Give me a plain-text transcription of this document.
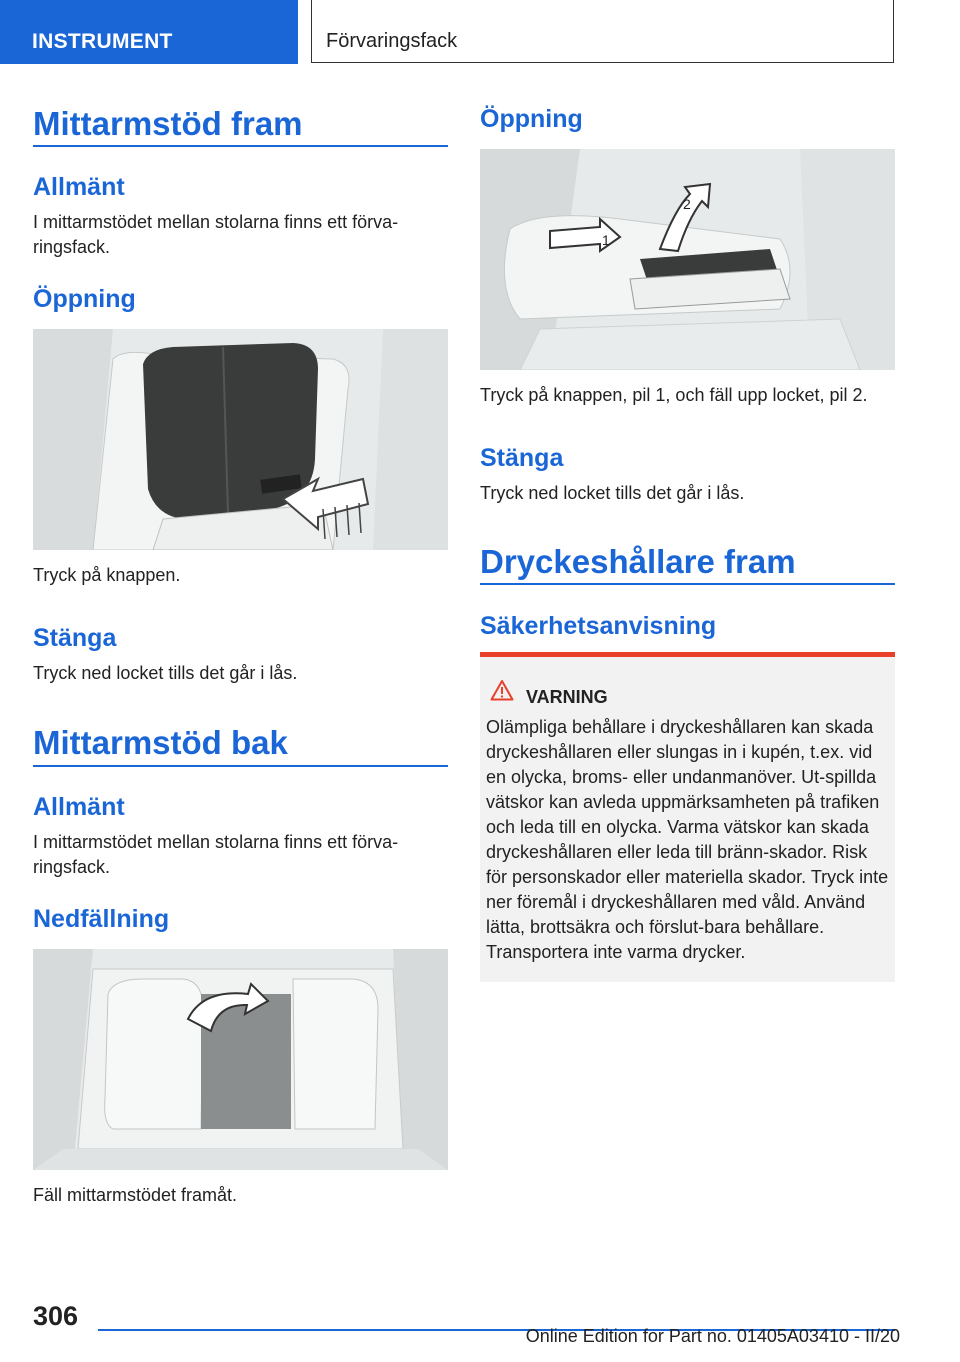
INSTRUMENT	Förvaringsfack
Mittarmstöd fram
Allmänt

I mittarmstödet mellan stolarna finns ett förva-ringsfack.

Öppning

Tryck på knappen.

Stänga

Tryck ned locket tills det går i lås.

Mittarmstöd bak
Allmänt

I mittarmstödet mellan stolarna finns ett förva-ringsfack.

Nedfällning

Fäll mittarmstödet framåt.

Öppning
1
2

Tryck på knappen, pil 1, och fäll upp locket, pil 2.

Stänga

Tryck ned locket tills det går i lås.

Dryckeshållare fram
Säkerhetsanvisning
VARNING
Olämpliga behållare i dryckeshållaren kan skada dryckeshållaren eller slungas in i kupén, t.ex. vid en olycka, broms- eller undanmanöver. Ut-spillda vätskor kan avleda uppmärksamheten på trafiken och leda till en olycka. Varma vätskor kan skada dryckeshållaren eller leda till bränn-skador. Risk för personskador eller materiella skador. Tryck inte ner föremål i dryckeshållaren med våld. Använd lätta, brottsäkra och förslut-bara behållare. Transportera inte varma drycker.
306
Online Edition for Part no. 01405A03410 - II/20
